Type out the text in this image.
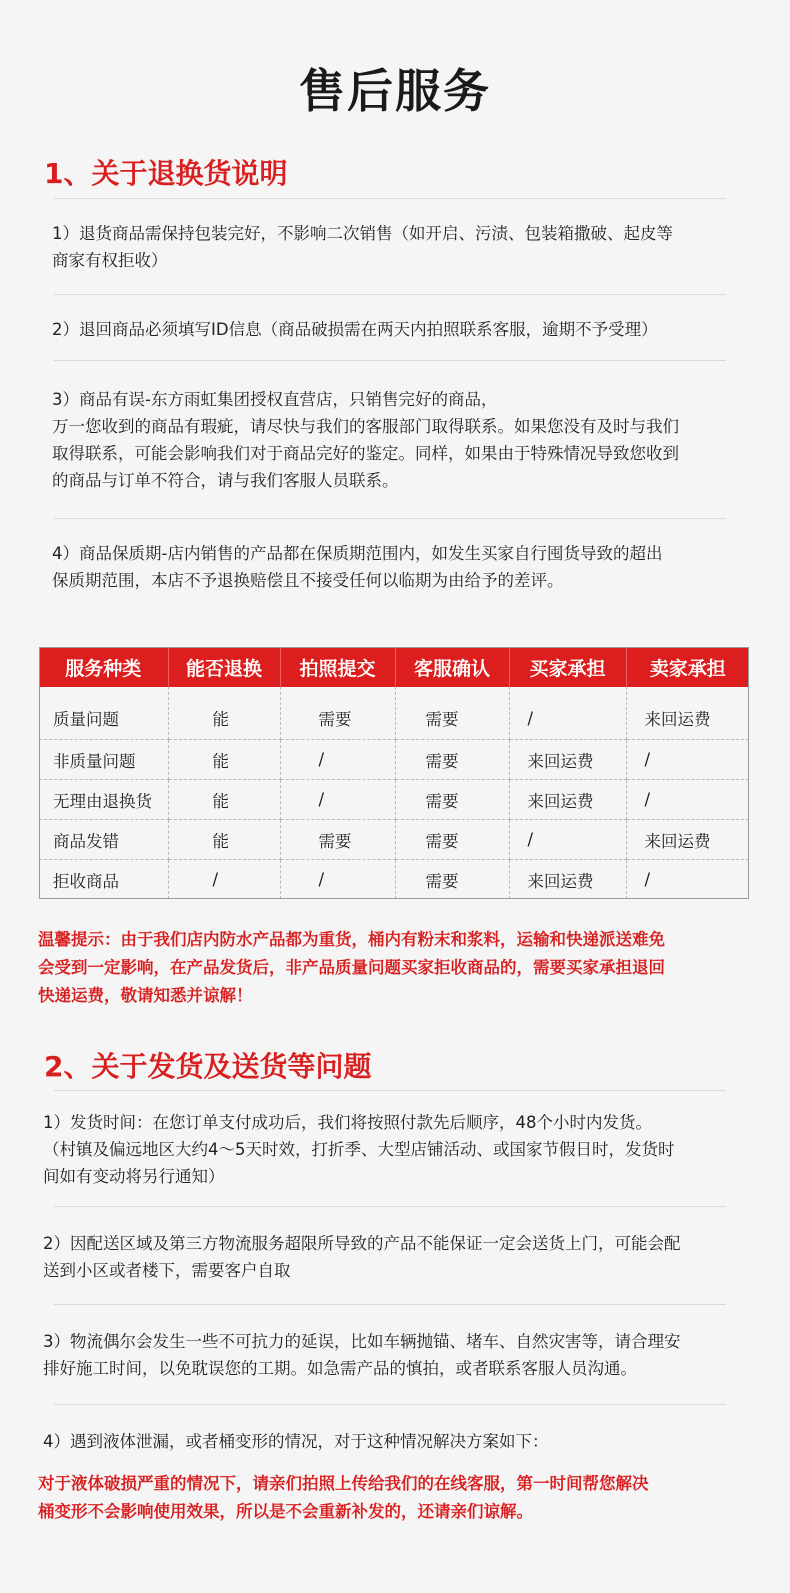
售后服务
1、关于退换货说明
1）退货商品需保持包装完好，不影响二次销售（如开启、污渍、包装箱撒破、起皮等
商家有权拒收）
2）退回商品必须填写ID信息（商品破损需在两天内拍照联系客服，逾期不予受理）
3）商品有误-东方雨虹集团授权直营店，只销售完好的商品，
万一您收到的商品有瑕疵，请尽快与我们的客服部门取得联系。如果您没有及时与我们
取得联系，可能会影响我们对于商品完好的鉴定。同样，如果由于特殊情况导致您收到
的商品与订单不符合，请与我们客服人员联系。
4）商品保质期-店内销售的产品都在保质期范围内，如发生买家自行囤货导致的超出
保质期范围，本店不予退换赔偿且不接受任何以临期为由给予的差评。
服务种类	能否退换	拍照提交	客服确认	买家承担	卖家承担
质量问题	能	需要	需要	/	来回运费
非质量问题	能	/	需要	来回运费	/
无理由退换货	能	/	需要	来回运费	/
商品发错	能	需要	需要	/	来回运费
拒收商品	/	/	需要	来回运费	/
温馨提示：由于我们店内防水产品都为重货，桶内有粉末和浆料，运输和快递派送难免
会受到一定影响，在产品发货后，非产品质量问题买家拒收商品的，需要买家承担退回
快递运费，敬请知悉并谅解！
2、关于发货及送货等问题
1）发货时间：在您订单支付成功后，我们将按照付款先后顺序，48个小时内发货。
（村镇及偏远地区大约4～5天时效，打折季、大型店铺活动、或国家节假日时，发货时
间如有变动将另行通知）
2）因配送区域及第三方物流服务超限所导致的产品不能保证一定会送货上门，可能会配
送到小区或者楼下，需要客户自取
3）物流偶尔会发生一些不可抗力的延误，比如车辆抛锚、堵车、自然灾害等，请合理安
排好施工时间，以免耽误您的工期。如急需产品的慎拍，或者联系客服人员沟通。
4）遇到液体泄漏，或者桶变形的情况，对于这种情况解决方案如下：
对于液体破损严重的情况下，请亲们拍照上传给我们的在线客服，第一时间帮您解决
桶变形不会影响使用效果，所以是不会重新补发的，还请亲们谅解。
